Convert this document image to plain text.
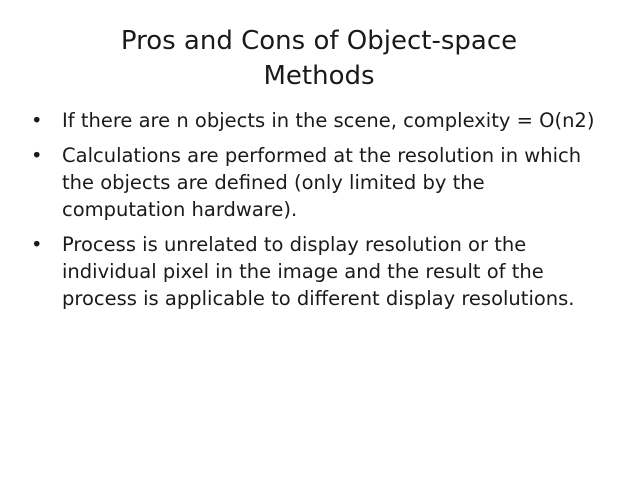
Pros and Cons of Object-space
Methods
• If there are n objects in the scene, complexity = O(n2)
• Calculations are performed at the resolution in which the objects are defined (only limited by the computation hardware).
• Process is unrelated to display resolution or the individual pixel in the image and the result of the process is applicable to different display resolutions.
